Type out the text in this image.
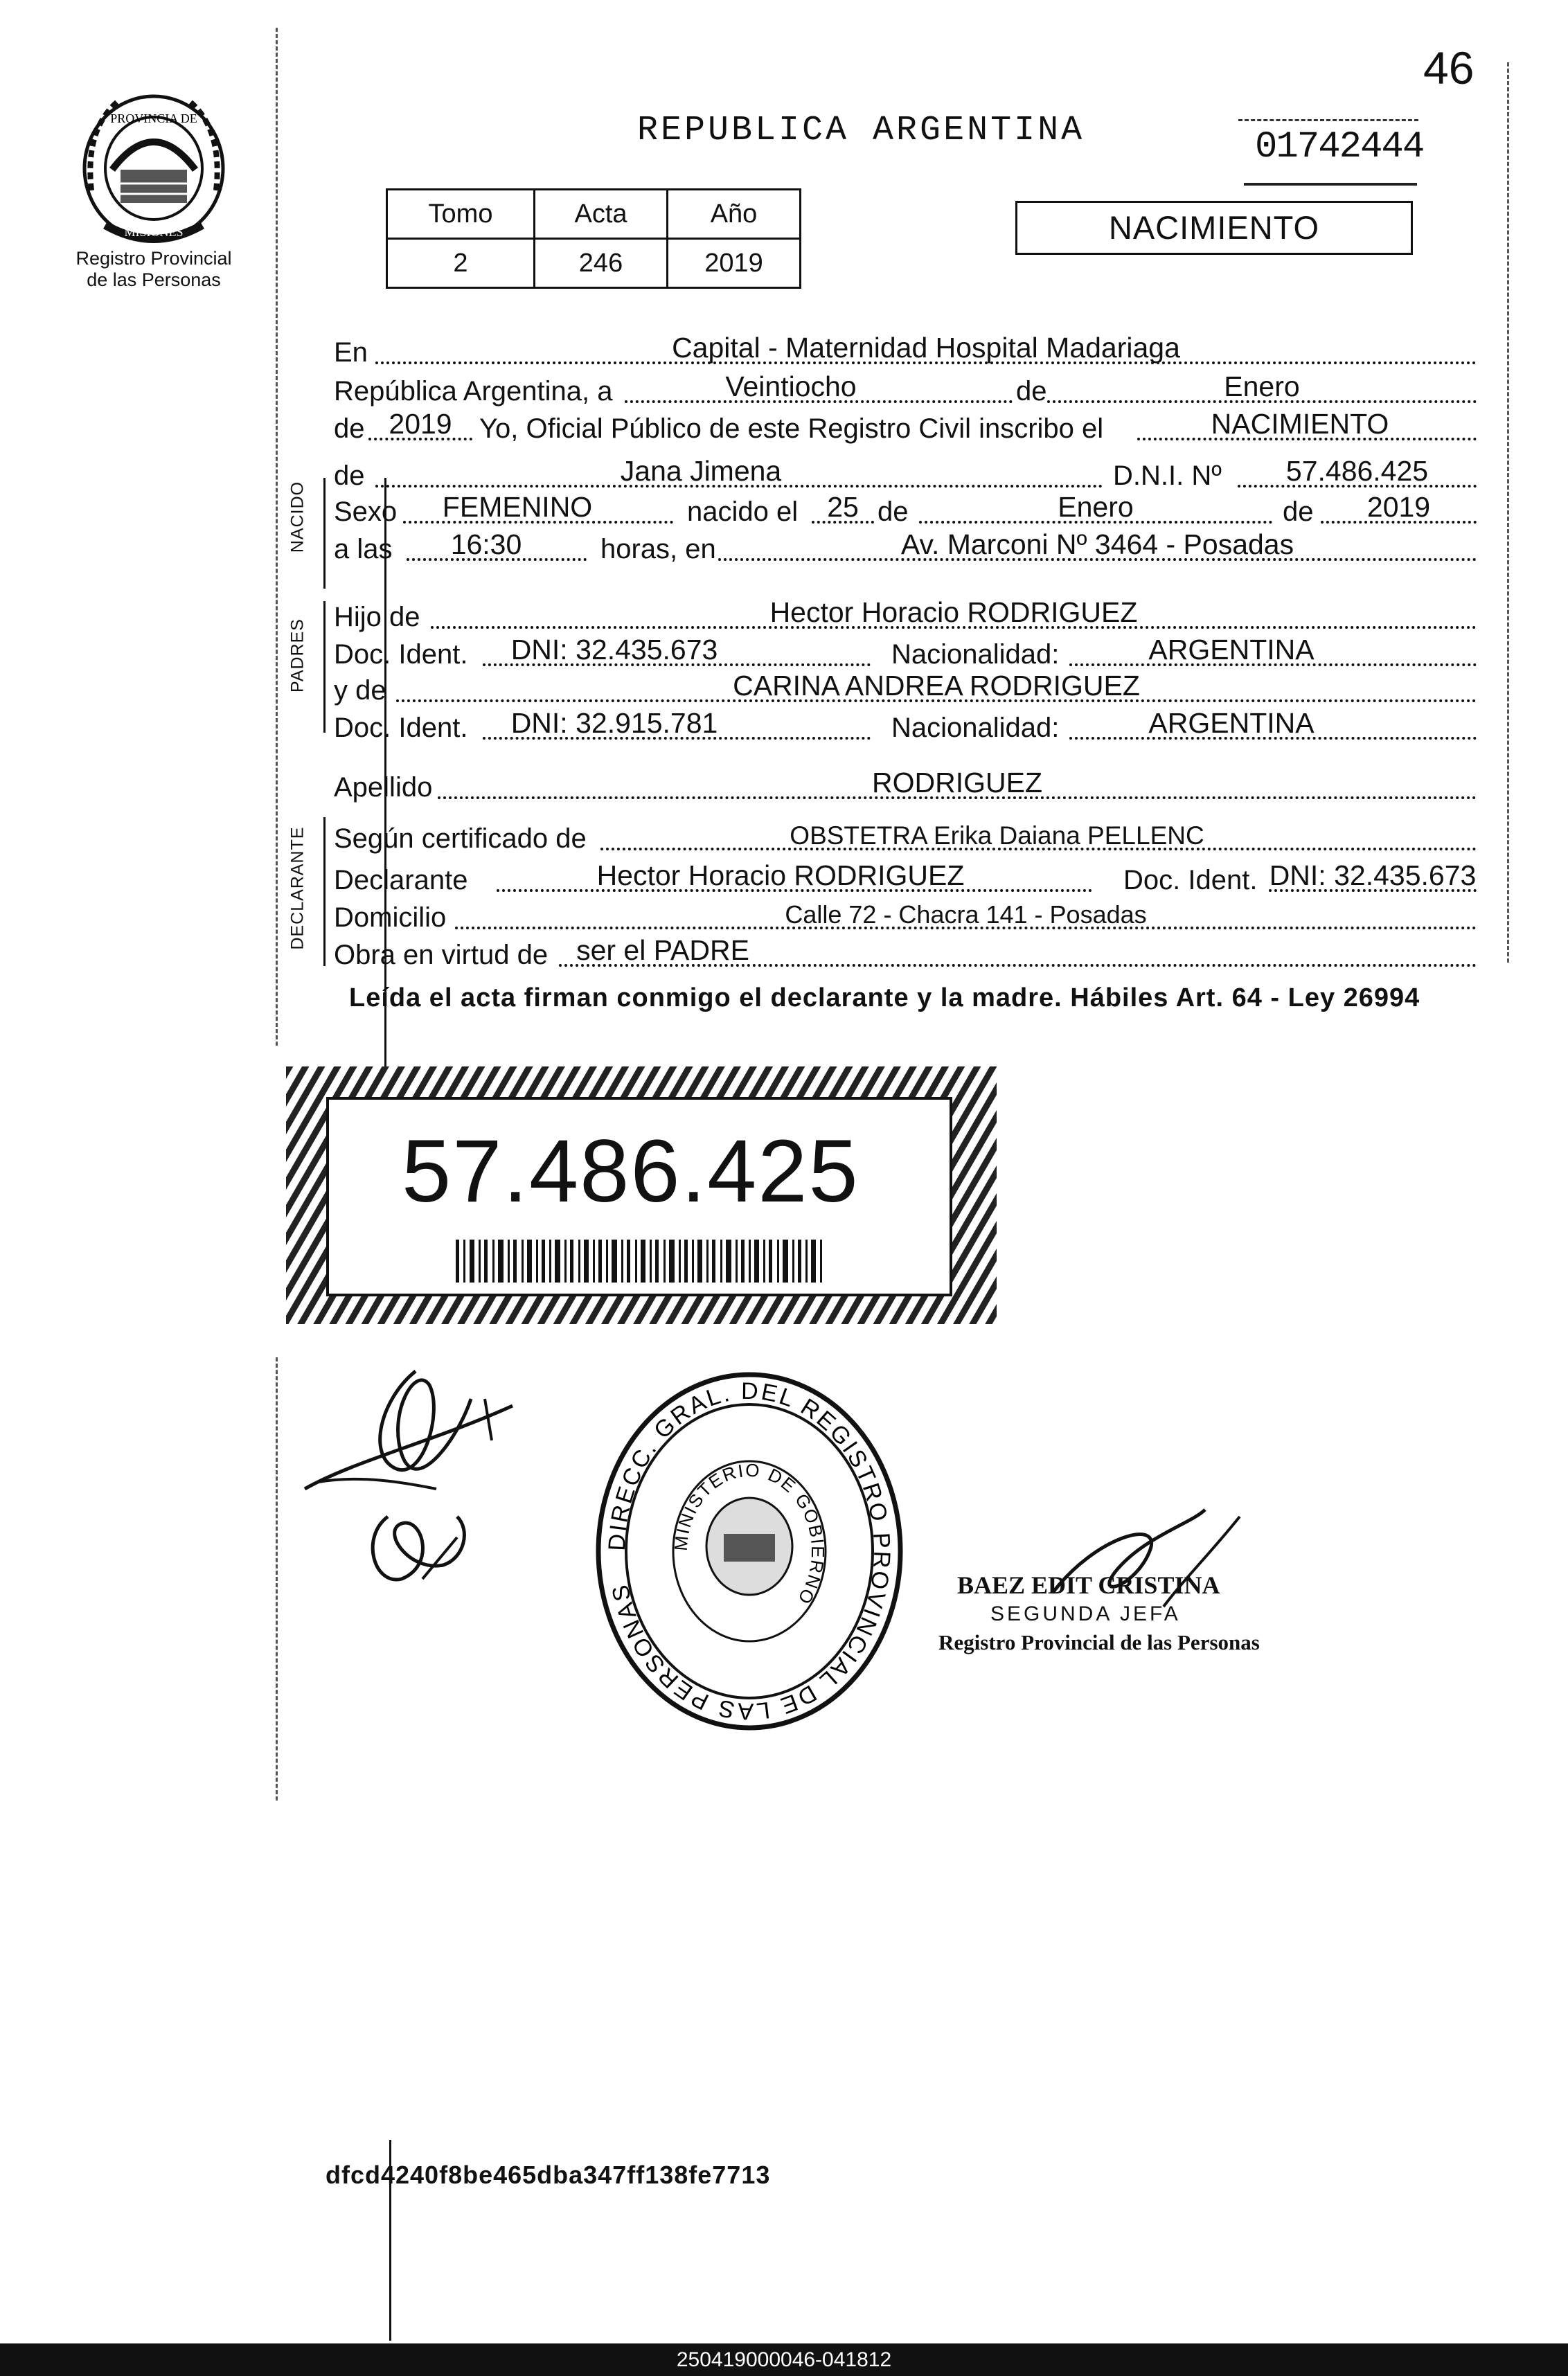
46
PROVINCIA DE
MISIONES
Registro Provincial
de las Personas
REPUBLICA ARGENTINA	01742444
Tomo	Acta	Año
2	246	2019
NACIMIENTO
NACIDO
PADRES
DECLARANTE
En	Capital - Maternidad Hospital Madariaga
República Argentina, a	Veintiocho	de	Enero
de 2019 Yo, Oficial Público de este Registro Civil inscribo el	NACIMIENTO
de	Jana Jimena	D.N.I. Nº	57.486.425
Sexo	FEMENINO	nacido el	25 de	Enero	de	2019
a las	16:30	horas, en	Av. Marconi Nº 3464 - Posadas
Hijo de	Hector Horacio RODRIGUEZ
Doc. Ident.	DNI: 32.435.673	Nacionalidad:	ARGENTINA
y de	CARINA ANDREA RODRIGUEZ
Doc. Ident.	DNI: 32.915.781	Nacionalidad:	ARGENTINA
Apellido	RODRIGUEZ
Según certificado de	OBSTETRA Erika Daiana PELLENC
Declarante	Hector Horacio RODRIGUEZ	Doc. Ident. DNI: 32.435.673
Domicilio	Calle 72 - Chacra 141 - Posadas
Obra en virtud de	ser el PADRE
Leída el acta firman conmigo el declarante y la madre. Hábiles Art. 64 - Ley 26994
57.486.425
DIRECC. GRAL. DEL REGISTRO PROVINCIAL DE LAS PERSONAS
MINISTERIO DE GOBIERNO	BAEZ EDIT CRISTINA
SEGUNDA JEFA
Registro Provincial de las Personas
dfcd4240f8be465dba347ff138fe7713
250419000046-041812
